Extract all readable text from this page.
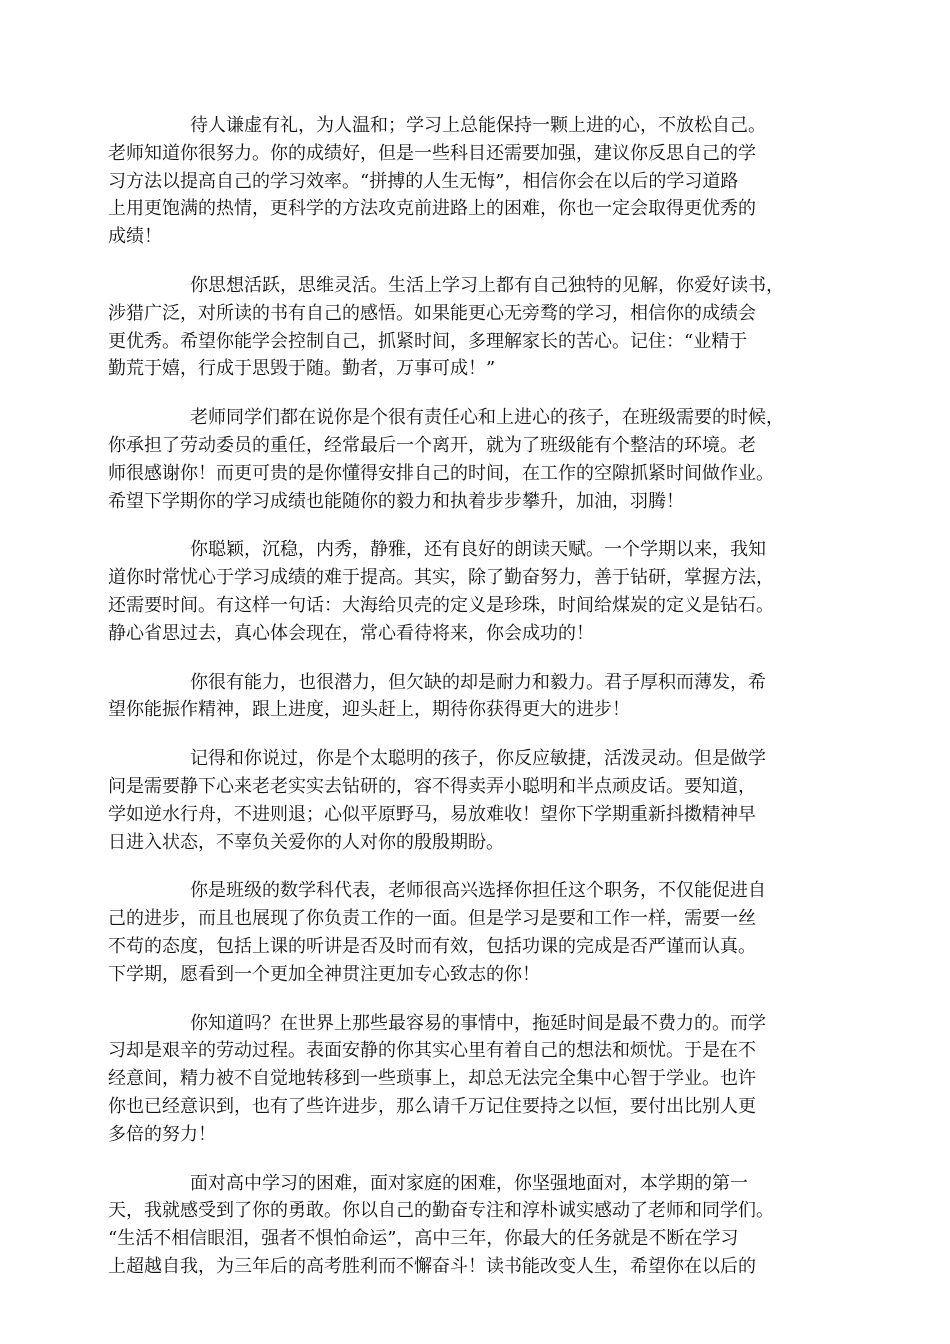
待人谦虚有礼，为人温和；学习上总能保持一颗上进的心，不放松自己。
老师知道你很努力。你的成绩好，但是一些科目还需要加强，建议你反思自己的学
习方法以提高自己的学习效率。“拼搏的人生无悔”，相信你会在以后的学习道路
上用更饱满的热情，更科学的方法攻克前进路上的困难，你也一定会取得更优秀的
成绩！
你思想活跃，思维灵活。生活上学习上都有自己独特的见解，你爱好读书，
涉猎广泛，对所读的书有自己的感悟。如果能更心无旁骛的学习，相信你的成绩会
更优秀。希望你能学会控制自己，抓紧时间，多理解家长的苦心。记住：“业精于
勤荒于嬉，行成于思毁于随。勤者，万事可成！”
老师同学们都在说你是个很有责任心和上进心的孩子，在班级需要的时候，
你承担了劳动委员的重任，经常最后一个离开，就为了班级能有个整洁的环境。老
师很感谢你！而更可贵的是你懂得安排自己的时间，在工作的空隙抓紧时间做作业。
希望下学期你的学习成绩也能随你的毅力和执着步步攀升，加油，羽腾！
你聪颖，沉稳，内秀，静雅，还有良好的朗读天赋。一个学期以来，我知
道你时常忧心于学习成绩的难于提高。其实，除了勤奋努力，善于钻研，掌握方法，
还需要时间。有这样一句话：大海给贝壳的定义是珍珠，时间给煤炭的定义是钻石。
静心省思过去，真心体会现在，常心看待将来，你会成功的！
你很有能力，也很潜力，但欠缺的却是耐力和毅力。君子厚积而薄发，希
望你能振作精神，跟上进度，迎头赶上，期待你获得更大的进步！
记得和你说过，你是个太聪明的孩子，你反应敏捷，活泼灵动。但是做学
问是需要静下心来老老实实去钻研的，容不得卖弄小聪明和半点顽皮话。要知道，
学如逆水行舟，不进则退；心似平原野马，易放难收！望你下学期重新抖擞精神早
日进入状态，不辜负关爱你的人对你的殷殷期盼。
你是班级的数学科代表，老师很高兴选择你担任这个职务，不仅能促进自
己的进步，而且也展现了你负责工作的一面。但是学习是要和工作一样，需要一丝
不苟的态度，包括上课的听讲是否及时而有效，包括功课的完成是否严谨而认真。
下学期，愿看到一个更加全神贯注更加专心致志的你！
你知道吗？在世界上那些最容易的事情中，拖延时间是最不费力的。而学
习却是艰辛的劳动过程。表面安静的你其实心里有着自己的想法和烦忧。于是在不
经意间，精力被不自觉地转移到一些琐事上，却总无法完全集中心智于学业。也许
你也已经意识到，也有了些许进步，那么请千万记住要持之以恒，要付出比别人更
多倍的努力！
面对高中学习的困难，面对家庭的困难，你坚强地面对，本学期的第一
天，我就感受到了你的勇敢。你以自己的勤奋专注和淳朴诚实感动了老师和同学们。
“生活不相信眼泪，强者不惧怕命运”，高中三年，你最大的任务就是不断在学习
上超越自我，为三年后的高考胜利而不懈奋斗！读书能改变人生，希望你在以后的
